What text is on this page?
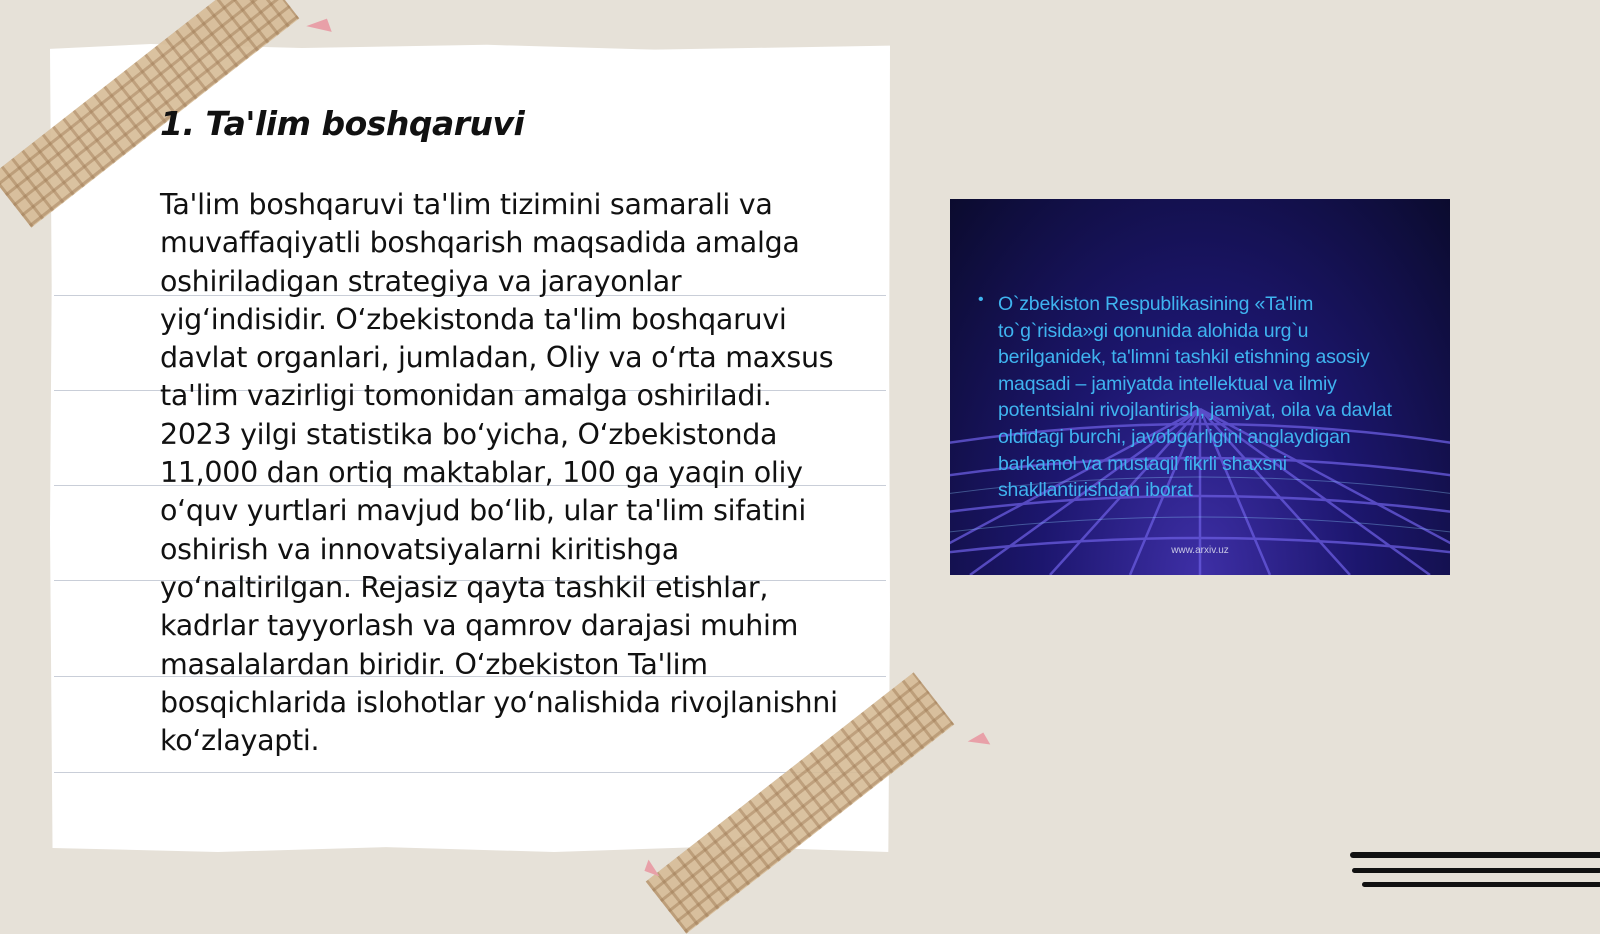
1. Ta'lim boshqaruvi

Ta'lim boshqaruvi ta'lim tizimini samarali va muvaffaqiyatli boshqarish maqsadida amalga oshiriladigan strategiya va jarayonlar yig‘indisidir. O‘zbekistonda ta'lim boshqaruvi davlat organlari, jumladan, Oliy va o‘rta maxsus ta'lim vazirligi tomonidan amalga oshiriladi. 2023 yilgi statistika bo‘yicha, O‘zbekistonda 11,000 dan ortiq maktablar, 100 ga yaqin oliy o‘quv yurtlari mavjud bo‘lib, ular ta'lim sifatini oshirish va innovatsiyalarni kiritishga yo‘naltirilgan. Rejasiz qayta tashkil etishlar, kadrlar tayyorlash va qamrov darajasi muhim masalalardan biridir. O‘zbekiston Ta'lim bosqichlarida islohotlar yo‘nalishida rivojlanishni ko‘zlayapti.

• O`zbekiston Respublikasining «Ta'lim to`g`risida»gi qonunida alohida urg`u berilganidek, ta'limni tashkil etishning asosiy maqsadi – jamiyatda intellektual va ilmiy potentsialni rivojlantirish, jamiyat, oila va davlat oldidagi burchi, javobgarligini anglaydigan barkamol va mustaqil fikrli shaxsni shakllantirishdan iborat

www.arxiv.uz
